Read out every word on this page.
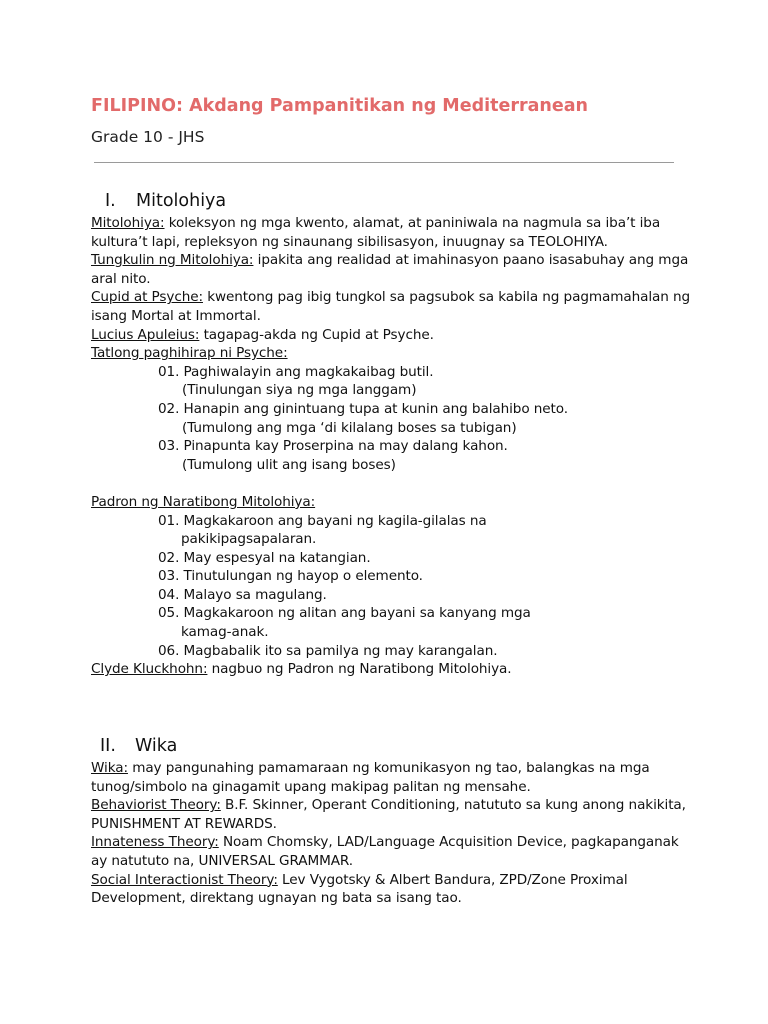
FILIPINO: Akdang Pampanitikan ng Mediterranean
Grade 10 - JHS
I. Mitolohiya

Mitolohiya: koleksyon ng mga kwento, alamat, at paniniwala na nagmula sa iba’t iba kultura’t lapi, repleksyon ng sinaunang sibilisasyon, inuugnay sa TEOLOHIYA.

Tungkulin ng Mitolohiya: ipakita ang realidad at imahinasyon paano isasabuhay ang mga aral nito.

Cupid at Psyche: kwentong pag ibig tungkol sa pagsubok sa kabila ng pagmamahalan ng isang Mortal at Immortal.

Lucius Apuleius: tagapag-akda ng Cupid at Psyche.

Tatlong paghihirap ni Psyche:

01. Paghiwalayin ang magkakaibag butil.
(Tinulungan siya ng mga langgam)
02. Hanapin ang ginintuang tupa at kunin ang balahibo neto.
(Tumulong ang mga ‘di kilalang boses sa tubigan)
03. Pinapunta kay Proserpina na may dalang kahon.
(Tumulong ulit ang isang boses)

Padron ng Naratibong Mitolohiya:

01. Magkakaroon ang bayani ng kagila-gilalas na
pakikipagsapalaran.
02. May espesyal na katangian.
03. Tinutulungan ng hayop o elemento.
04. Malayo sa magulang.
05. Magkakaroon ng alitan ang bayani sa kanyang mga
kamag-anak.
06. Magbabalik ito sa pamilya ng may karangalan.

Clyde Kluckhohn: nagbuo ng Padron ng Naratibong Mitolohiya.

II. Wika

Wika: may pangunahing pamamaraan ng komunikasyon ng tao, balangkas na mga tunog/simbolo na ginagamit upang makipag palitan ng mensahe.

Behaviorist Theory: B.F. Skinner, Operant Conditioning, natututo sa kung anong nakikita, PUNISHMENT AT REWARDS.

Innateness Theory: Noam Chomsky, LAD/Language Acquisition Device, pagkapanganak ay natututo na, UNIVERSAL GRAMMAR.

Social Interactionist Theory: Lev Vygotsky & Albert Bandura, ZPD/Zone Proximal Development, direktang ugnayan ng bata sa isang tao.
